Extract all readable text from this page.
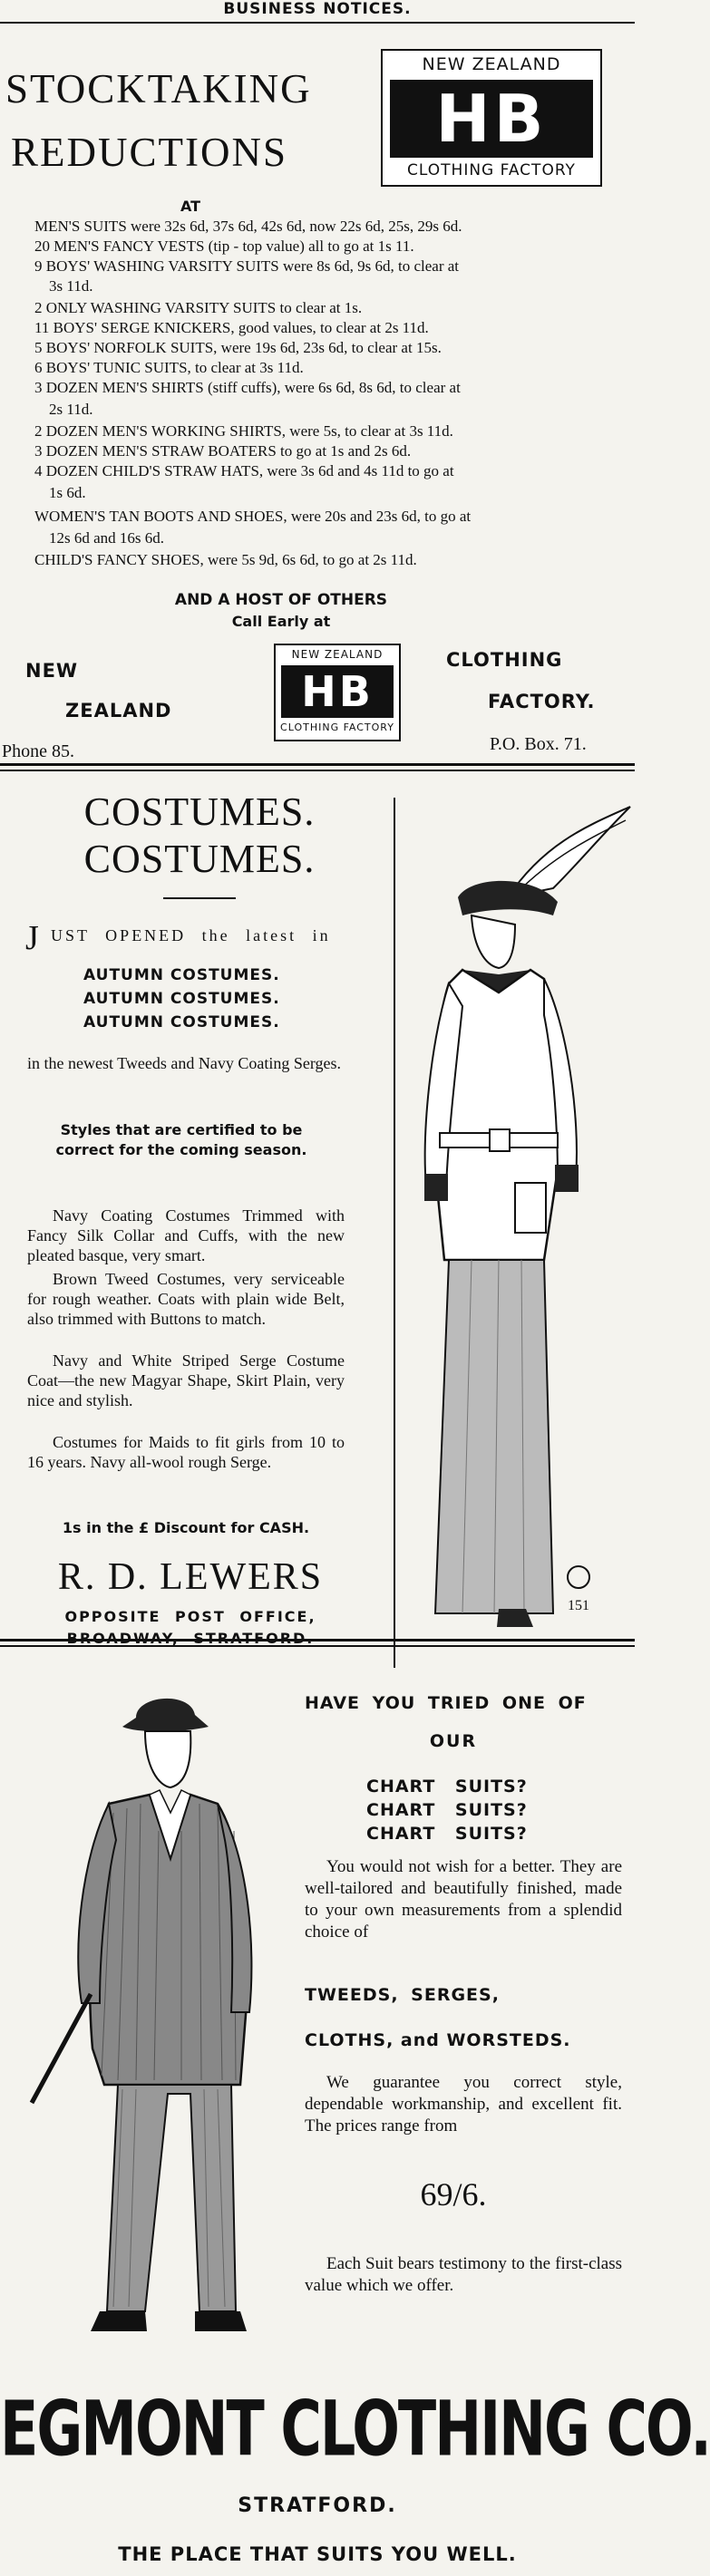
BUSINESS NOTICES.
STOCKTAKING
REDUCTIONS
NEW ZEALAND
HB
CLOTHING FACTORY
AT
MEN'S SUITS were 32s 6d, 37s 6d, 42s 6d, now 22s 6d, 25s, 29s 6d.
20 MEN'S FANCY VESTS (tip - top value) all to go at 1s 11.
9 BOYS' WASHING VARSITY SUITS were 8s 6d, 9s 6d, to clear at
3s 11d.
2 ONLY WASHING VARSITY SUITS to clear at 1s.
11 BOYS' SERGE KNICKERS, good values, to clear at 2s 11d.
5 BOYS' NORFOLK SUITS, were 19s 6d, 23s 6d, to clear at 15s.
6 BOYS' TUNIC SUITS, to clear at 3s 11d.
3 DOZEN MEN'S SHIRTS (stiff cuffs), were 6s 6d, 8s 6d, to clear at
2s 11d.
2 DOZEN MEN'S WORKING SHIRTS, were 5s, to clear at 3s 11d.
3 DOZEN MEN'S STRAW BOATERS to go at 1s and 2s 6d.
4 DOZEN CHILD'S STRAW HATS, were 3s 6d and 4s 11d to go at
1s 6d.
WOMEN'S TAN BOOTS AND SHOES, were 20s and 23s 6d, to go at
12s 6d and 16s 6d.
CHILD'S FANCY SHOES, were 5s 9d, 6s 6d, to go at 2s 11d.
AND A HOST OF OTHERS
Call Early at
NEW
ZEALAND
NEW ZEALAND
HB
CLOTHING FACTORY
CLOTHING
FACTORY.
Phone 85.	P.O. Box. 71.
COSTUMES.
COSTUMES.
J UST OPENED the latest in
AUTUMN COSTUMES.
AUTUMN COSTUMES.
AUTUMN COSTUMES.
in the newest Tweeds and Navy Coating Serges.
Styles that are certified to be correct for the coming season.
Navy Coating Costumes Trimmed with Fancy Silk Collar and Cuffs, with the new pleated basque, very smart.
Brown Tweed Costumes, very serviceable for rough weather. Coats with plain wide Belt, also trimmed with Buttons to match.
Navy and White Striped Serge Costume Coat—the new Magyar Shape, Skirt Plain, very nice and stylish.
Costumes for Maids to fit girls from 10 to 16 years. Navy all-wool rough Serge.
1s in the £ Discount for CASH.
R. D. LEWERS
OPPOSITE POST OFFICE,
151
HAVE YOU TRIED ONE OF
OUR
CHART SUITS?
CHART SUITS?
CHART SUITS?
You would not wish for a better. They are well-tailored and beautifully finished, made to your own measurements from a splendid choice of
TWEEDS, SERGES,
CLOTHS, and WORSTEDS.
We guarantee you correct style, dependable workmanship, and excellent fit. The prices range from
69/6.
Each Suit bears testimony to the first-class value which we offer.
EGMONT CLOTHING CO.
STRATFORD.
THE PLACE THAT SUITS YOU WELL.
